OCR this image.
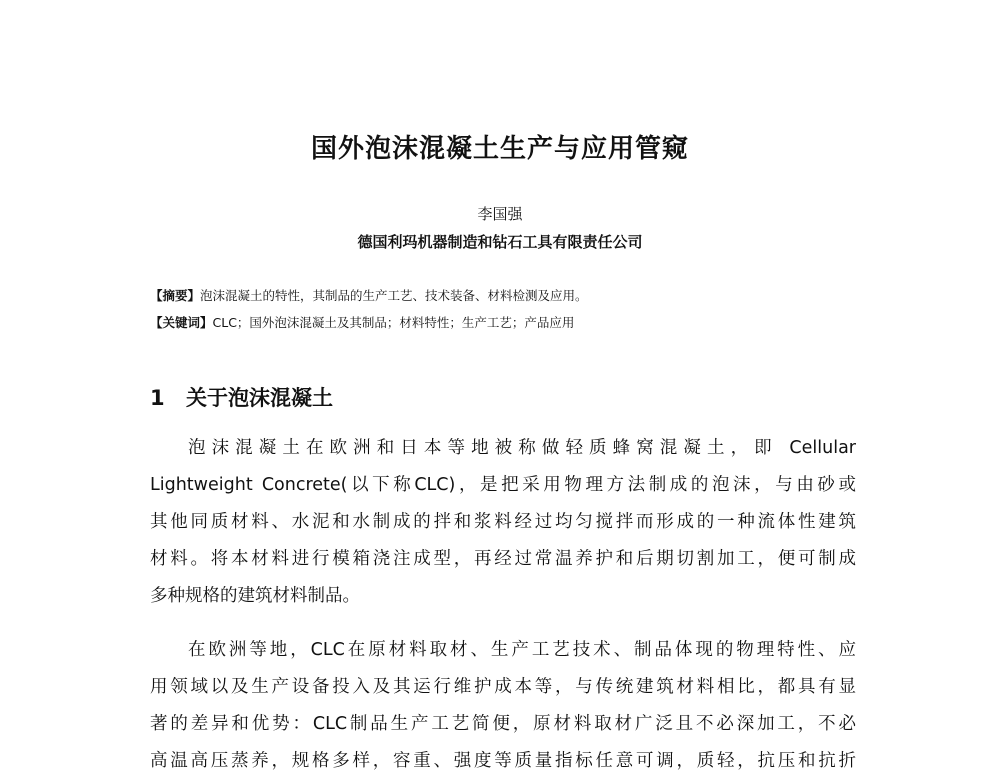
国外泡沫混凝土生产与应用管窥

李国强

德国利玛机器制造和钻石工具有限责任公司

【摘要】泡沫混凝土的特性，其制品的生产工艺、技术装备、材料检测及应用。

【关键词】CLC；国外泡沫混凝土及其制品；材料特性；生产工艺；产品应用

1 关于泡沫混凝土
泡沫混凝土在欧洲和日本等地被称做轻质蜂窝混凝土，即 Cellular
Lightweight Concrete(以下称CLC)，是把采用物理方法制成的泡沫，与由砂或
其他同质材料、水泥和水制成的拌和浆料经过均匀搅拌而形成的一种流体性建筑
材料。将本材料进行模箱浇注成型，再经过常温养护和后期切割加工，便可制成
多种规格的建筑材料制品。
在欧洲等地，CLC在原材料取材、生产工艺技术、制品体现的物理特性、应
用领域以及生产设备投入及其运行维护成本等，与传统建筑材料相比，都具有显
著的差异和优势：CLC制品生产工艺简便，原材料取材广泛且不必深加工，不必
高温高压蒸养，规格多样，容重、强度等质量指标任意可调，质轻，抗压和抗折
